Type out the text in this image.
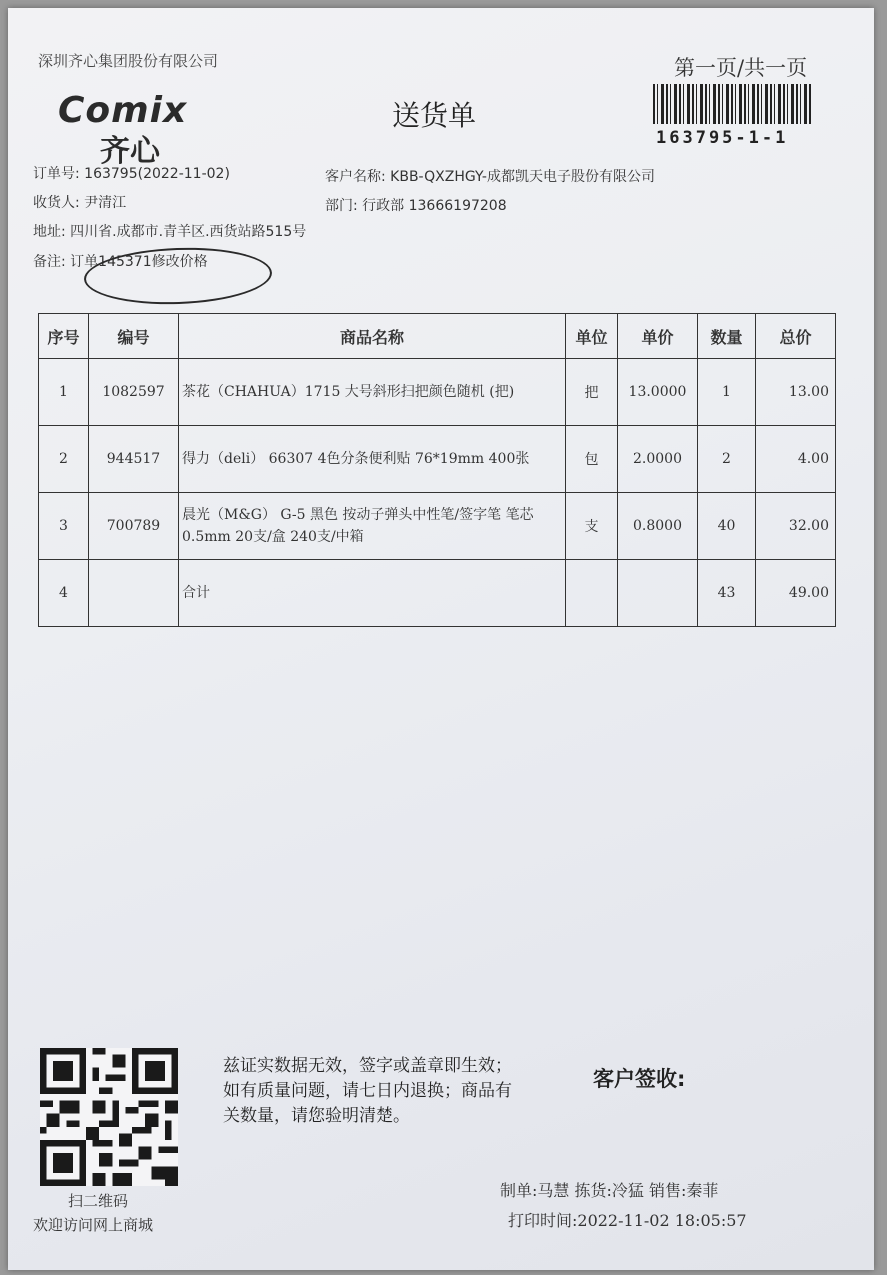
深圳齐心集团股份有限公司
Comix
齐心
送货单
第一页/共一页
163795-1-1
订单号: 163795(2022-11-02)	客户名称: KBB-QXZHGY-成都凯天电子股份有限公司
收货人: 尹清江	部门: 行政部 13666197208
地址: 四川省.成都市.青羊区.西货站路515号
备注: 订单145371修改价格
序号	编号	商品名称	单位	单价	数量	总价
1	1082597	茶花（CHAHUA）1715 大号斜形扫把颜色随机 (把)	把	13.0000	1	13.00
2	944517	得力（deli） 66307 4色分条便利贴 76*19mm 400张	包	2.0000	2	4.00
3	700789	晨光（M&G） G-5 黑色 按动子弹头中性笔/签字笔 笔芯0.5mm 20支/盒 240支/中箱	支	0.8000	40	32.00
4		合计			43	49.00
兹证实数据无效，签字或盖章即生效；如有质量问题，请七日内退换；商品有关数量，请您验明清楚。
客户签收:
扫二维码
欢迎访问网上商城
制单:马慧 拣货:冷猛 销售:秦菲
打印时间:2022-11-02 18:05:57
